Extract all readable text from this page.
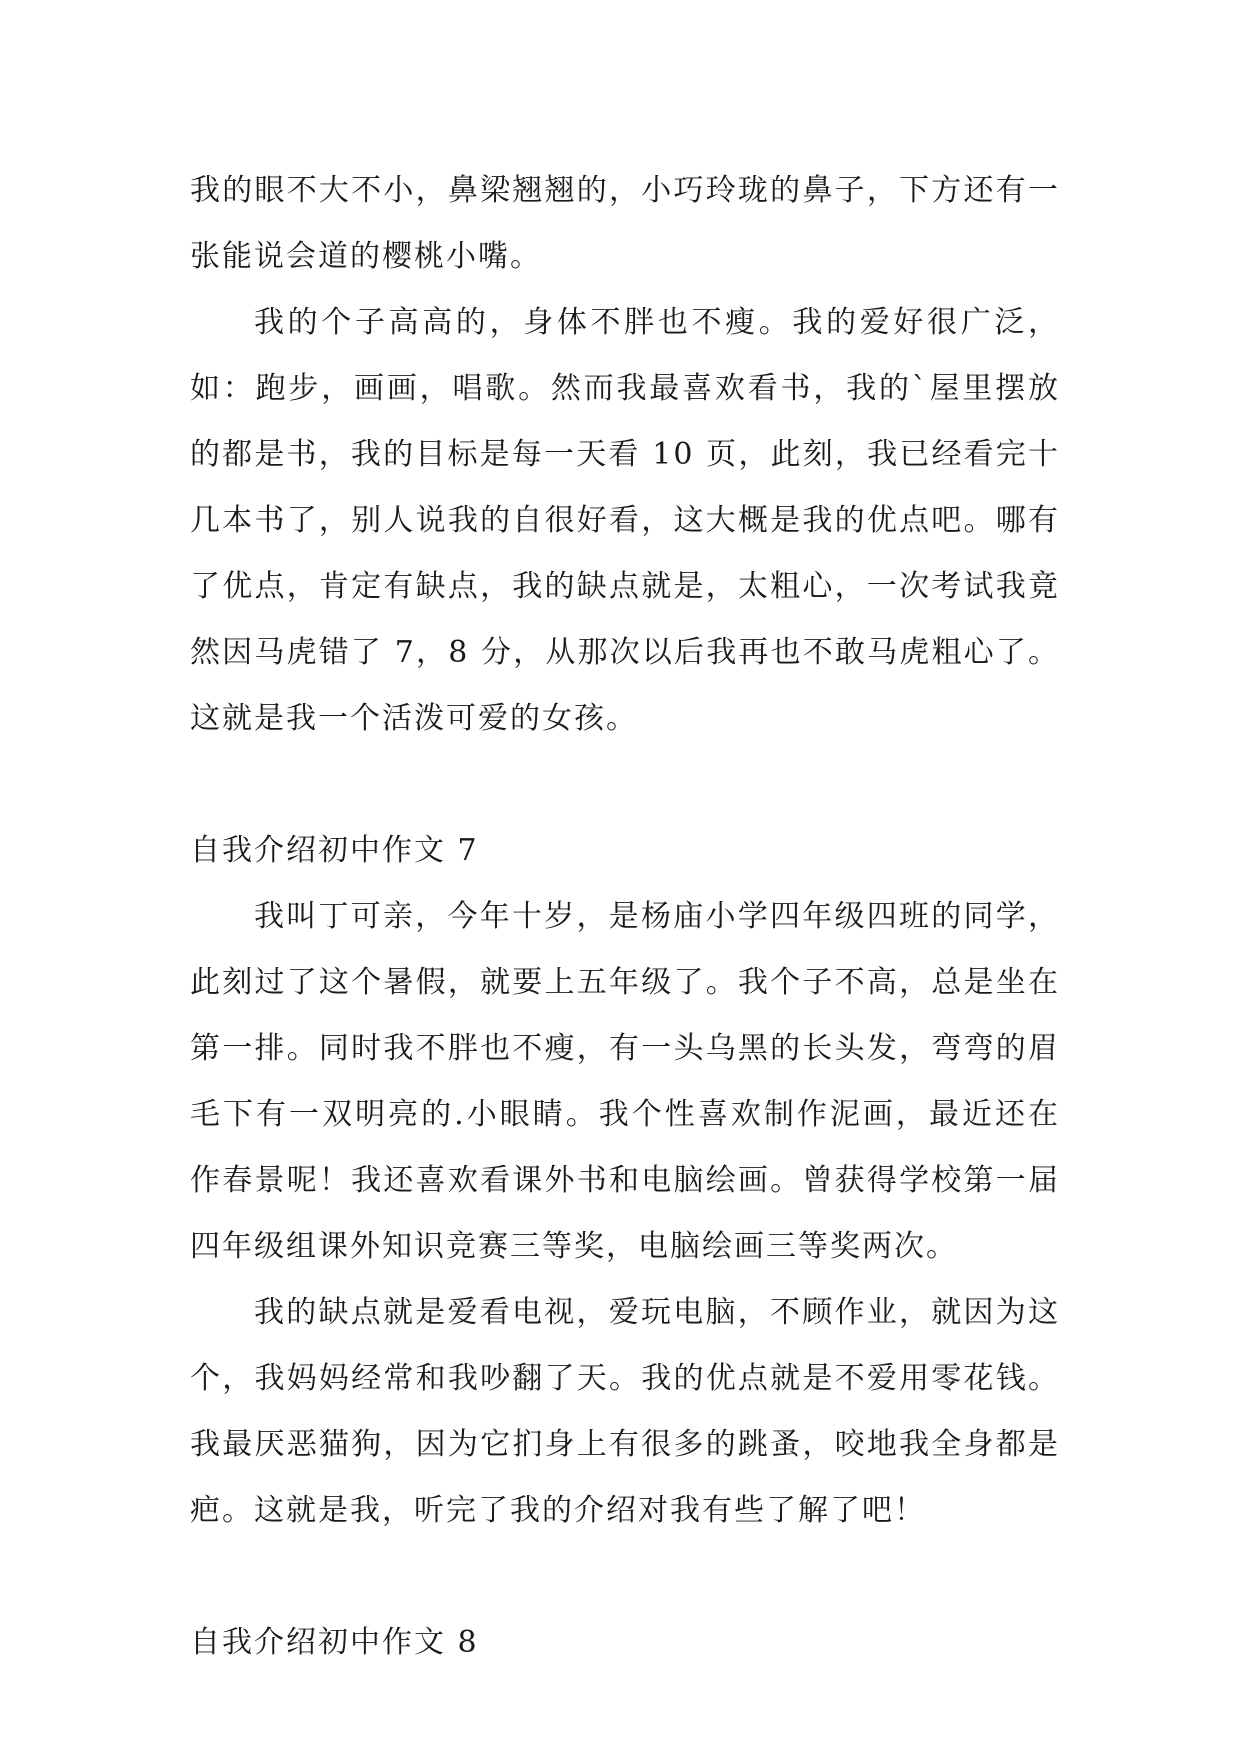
我的眼不大不小，鼻梁翘翘的，小巧玲珑的鼻子，下方还有一张能说会道的樱桃小嘴。

我的个子高高的，身体不胖也不瘦。我的爱好很广泛，如：跑步，画画，唱歌。然而我最喜欢看书，我的`屋里摆放的都是书，我的目标是每一天看 10 页，此刻，我已经看完十几本书了，别人说我的自很好看，这大概是我的优点吧。哪有了优点，肯定有缺点，我的缺点就是，太粗心，一次考试我竟然因马虎错了 7，8 分，从那次以后我再也不敢马虎粗心了。这就是我一个活泼可爱的女孩。

自我介绍初中作文 7

我叫丁可亲，今年十岁，是杨庙小学四年级四班的同学，此刻过了这个暑假，就要上五年级了。我个子不高，总是坐在第一排。同时我不胖也不瘦，有一头乌黑的长头发，弯弯的眉毛下有一双明亮的.小眼睛。我个性喜欢制作泥画，最近还在作春景呢！我还喜欢看课外书和电脑绘画。曾获得学校第一届四年级组课外知识竞赛三等奖，电脑绘画三等奖两次。

我的缺点就是爱看电视，爱玩电脑，不顾作业，就因为这个，我妈妈经常和我吵翻了天。我的优点就是不爱用零花钱。我最厌恶猫狗，因为它扪身上有很多的跳蚤，咬地我全身都是疤。这就是我，听完了我的介绍对我有些了解了吧！

自我介绍初中作文 8
